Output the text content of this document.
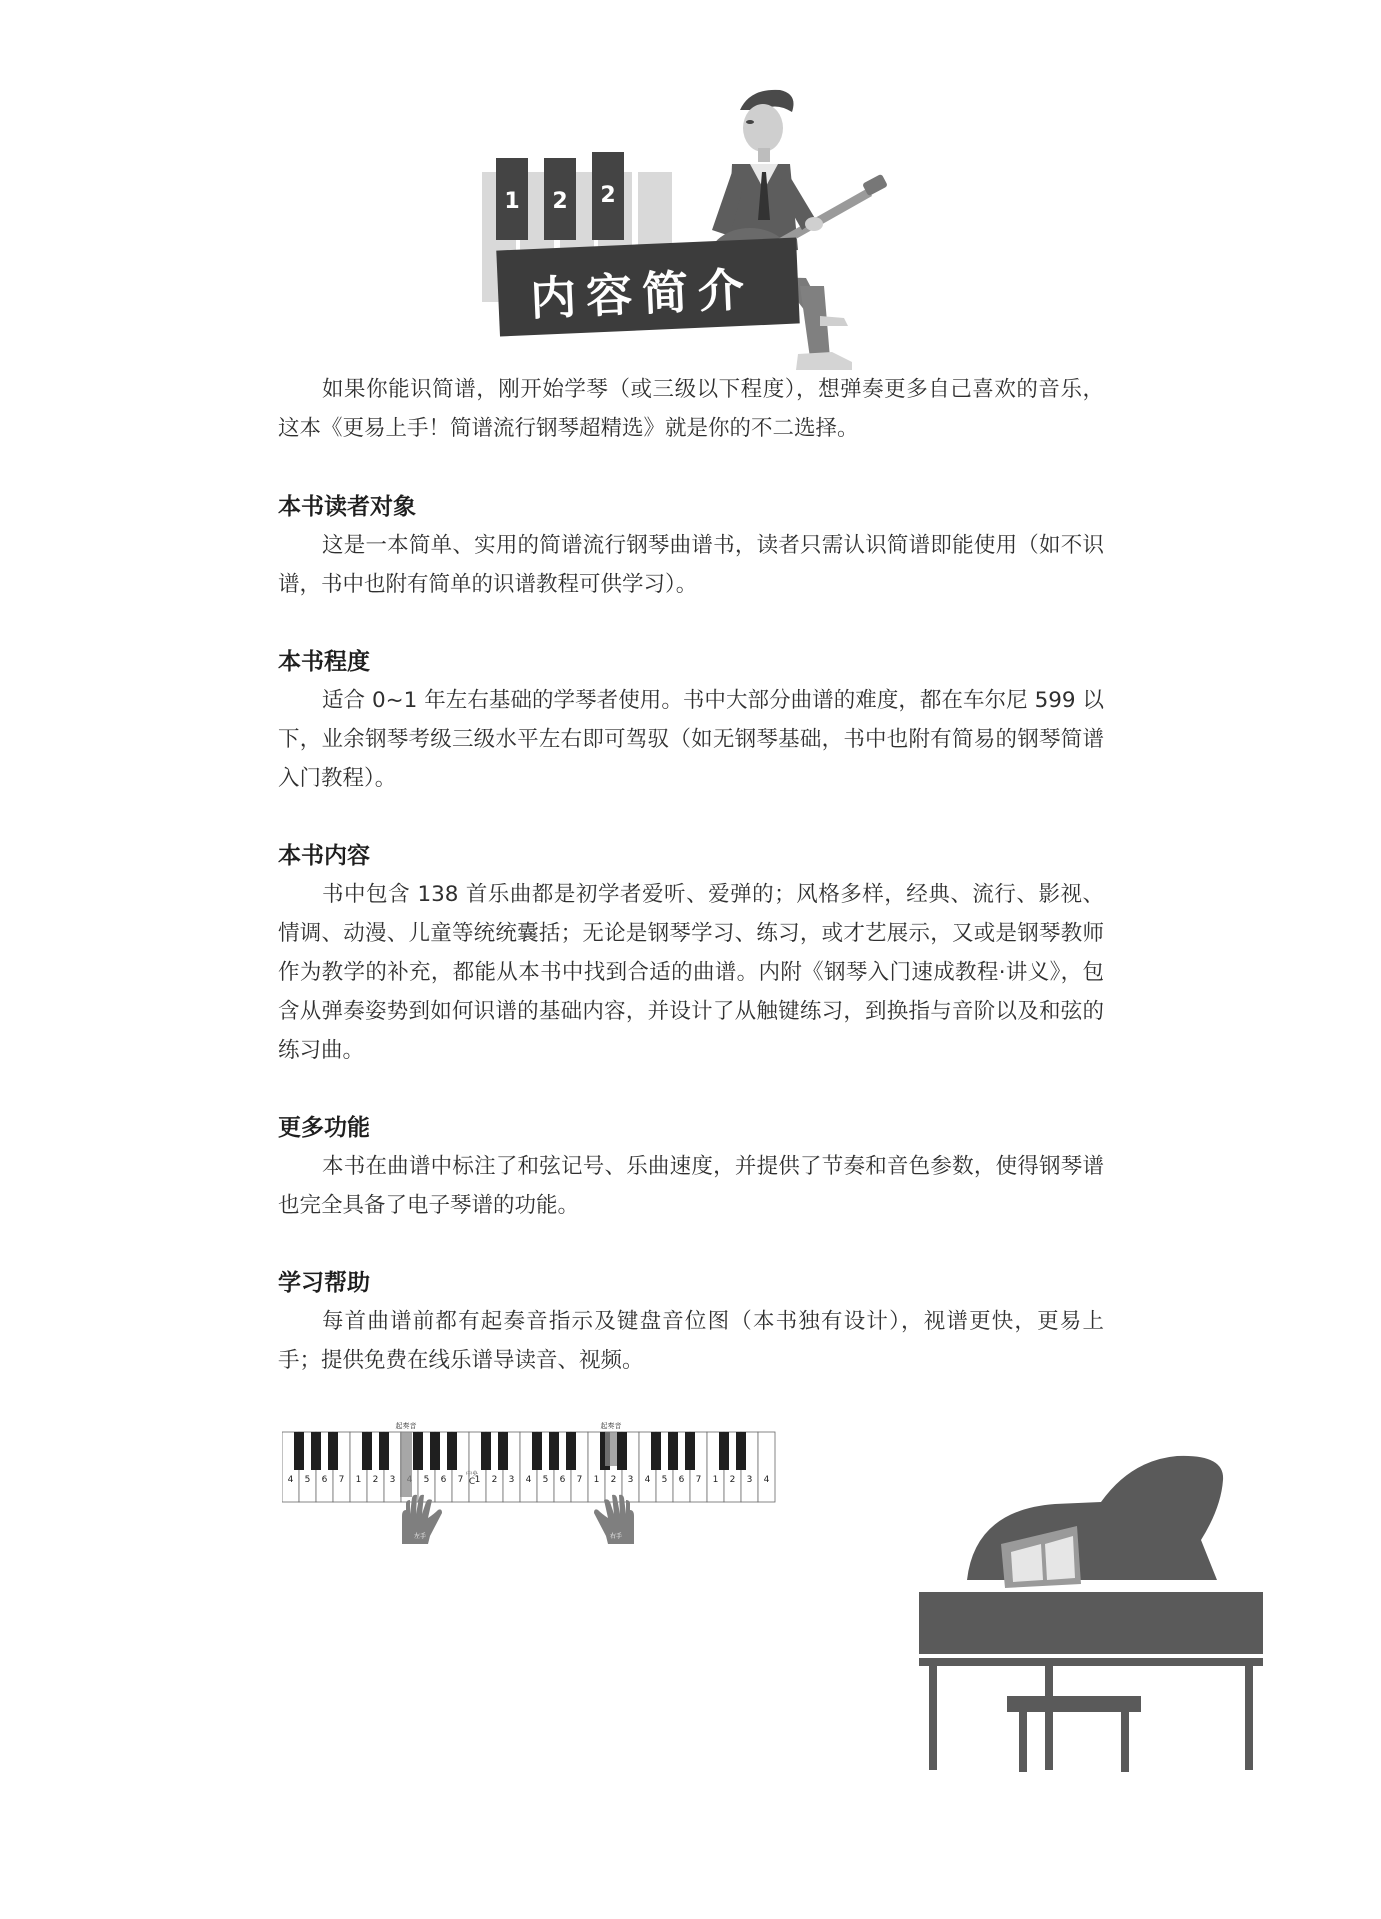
1 2 2
内容简介

如果你能识简谱，刚开始学琴（或三级以下程度），想弹奏更多自己喜欢的音乐，这本《更易上手！简谱流行钢琴超精选》就是你的不二选择。

本书读者对象

这是一本简单、实用的简谱流行钢琴曲谱书，读者只需认识简谱即能使用（如不识谱，书中也附有简单的识谱教程可供学习）。

本书程度

适合 0~1 年左右基础的学琴者使用。书中大部分曲谱的难度，都在车尔尼 599 以下，业余钢琴考级三级水平左右即可驾驭（如无钢琴基础，书中也附有简易的钢琴简谱入门教程）。

本书内容

书中包含 138 首乐曲都是初学者爱听、爱弹的；风格多样，经典、流行、影视、情调、动漫、儿童等统统囊括；无论是钢琴学习、练习，或才艺展示，又或是钢琴教师作为教学的补充，都能从本书中找到合适的曲谱。内附《钢琴入门速成教程·讲义》，包含从弹奏姿势到如何识谱的基础内容，并设计了从触键练习，到换指与音阶以及和弦的练习曲。

更多功能

本书在曲谱中标注了和弦记号、乐曲速度，并提供了节奏和音色参数，使得钢琴谱也完全具备了电子琴谱的功能。

学习帮助

每首曲谱前都有起奏音指示及键盘音位图（本书独有设计），视谱更快，更易上手；提供免费在线乐谱导读音、视频。

4 5 6 7 1 2 3	5 6 7 1 2 3 4 5 6 7 1 2 3 4 5 6 7 1 2 3 4
起奏音	起奏音
中央
C
左手	右手
